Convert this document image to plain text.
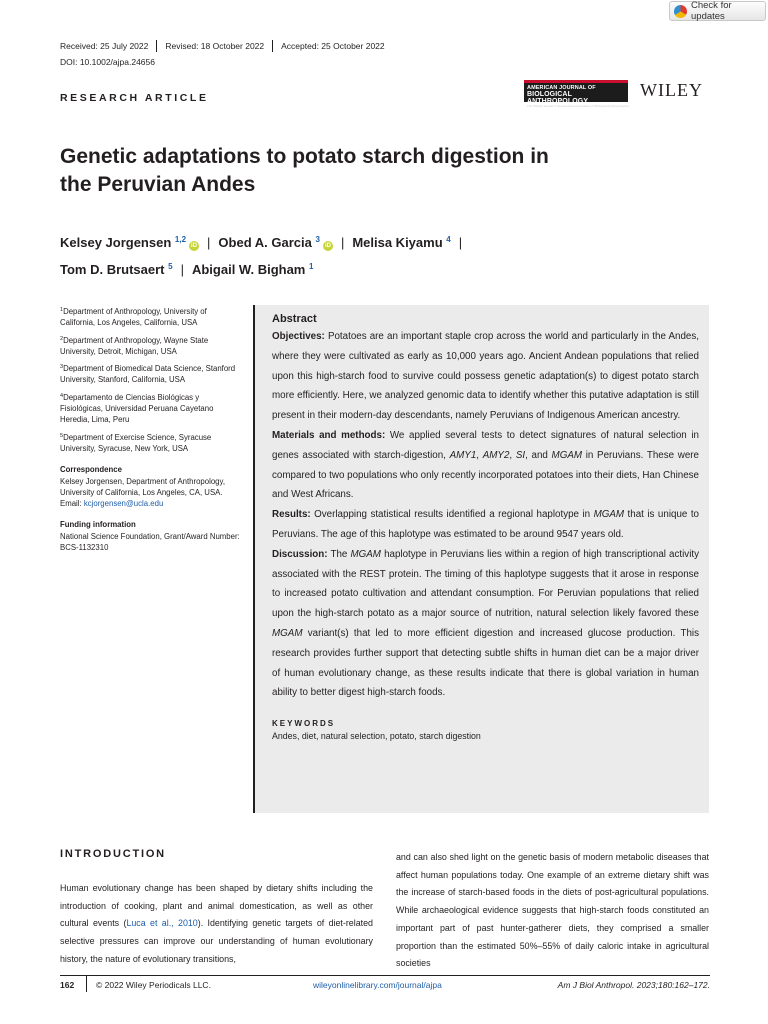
Check for updates
Received: 25 July 2022	Revised: 18 October 2022	Accepted: 25 October 2022
DOI: 10.1002/ajpa.24656
RESEARCH ARTICLE
AMERICAN JOURNAL OF
BIOLOGICAL ANTHROPOLOGY
The Official Journal of the American Association of Biological Anthropologists
WILEY
Genetic adaptations to potato starch digestion in the Peruvian Andes
Kelsey Jorgensen $^{1,2}$iD | Obed A. Garcia $^3$iD | Melisa Kiyamu $^4$ |
Tom D. Brutsaert $^5$ | Abigail W. Bigham $^1$
$^1$Department of Anthropology, University of California, Los Angeles, California, USA
$^2$Department of Anthropology, Wayne State University, Detroit, Michigan, USA
$^3$Department of Biomedical Data Science, Stanford University, Stanford, California, USA
$^4$Departamento de Ciencias Biológicas y Fisiológicas, Universidad Peruana Cayetano Heredia, Lima, Peru
$^5$Department of Exercise Science, Syracuse University, Syracuse, New York, USA
Correspondence
Kelsey Jorgensen, Department of Anthropology, University of California, Los Angeles, CA, USA.
Email: kcjorgensen@ucla.edu
Funding information
National Science Foundation, Grant/Award Number: BCS-1132310
Abstract

Objectives: Potatoes are an important staple crop across the world and particularly in the Andes, where they were cultivated as early as 10,000 years ago. Ancient Andean populations that relied upon this high-starch food to survive could possess genetic adaptation(s) to digest potato starch more efficiently. Here, we analyzed genomic data to identify whether this putative adaptation is still present in their modern-day descendants, namely Peruvians of Indigenous American ancestry.

Materials and methods: We applied several tests to detect signatures of natural selection in genes associated with starch-digestion, AMY1, AMY2, SI, and MGAM in Peruvians. These were compared to two populations who only recently incorporated potatoes into their diets, Han Chinese and West Africans.

Results: Overlapping statistical results identified a regional haplotype in MGAM that is unique to Peruvians. The age of this haplotype was estimated to be around 9547 years old.

Discussion: The MGAM haplotype in Peruvians lies within a region of high transcriptional activity associated with the REST protein. The timing of this haplotype suggests that it arose in response to increased potato cultivation and attendant consumption. For Peruvian populations that relied upon the high-starch potato as a major source of nutrition, natural selection likely favored these MGAM variant(s) that led to more efficient digestion and increased glucose production. This research provides further support that detecting subtle shifts in human diet can be a major driver of human evolutionary change, as these results indicate that there is global variation in human ability to better digest high-starch foods.

KEYWORDS
Andes, diet, natural selection, potato, starch digestion
INTRODUCTION
Human evolutionary change has been shaped by dietary shifts including the introduction of cooking, plant and animal domestication, as well as other cultural events (Luca et al., 2010). Identifying genetic targets of diet-related selective pressures can improve our understanding of human evolutionary history, the nature of evolutionary transitions,
and can also shed light on the genetic basis of modern metabolic diseases that affect human populations today. One example of an extreme dietary shift was the increase of starch-based foods in the diets of post-agricultural populations. While archaeological evidence suggests that high-starch foods constituted an important part of past hunter-gatherer diets, they comprised a smaller proportion than the estimated 50%–55% of daily caloric intake in agricultural societies
162	© 2022 Wiley Periodicals LLC.	wileyonlinelibrary.com/journal/ajpa	Am J Biol Anthropol. 2023;180:162–172.
